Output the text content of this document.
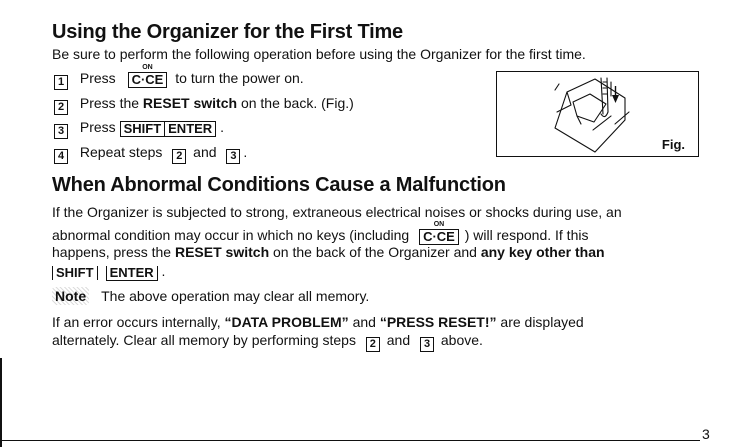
Using the Organizer for the First Time
Be sure to perform the following operation before using the Organizer for the first time.
1 Press
ON
C·CE to turn the power on.
2 Press the RESET switch on the back. (Fig.)
3 Press SHIFT ENTER .
4 Repeat steps 2 and 3 .	Fig.
When Abnormal Conditions Cause a Malfunction
If the Organizer is subjected to strong, extraneous electrical noises or shocks during use, an
abnormal condition may occur in which no keys (including
ON
C·CE ) will respond. If this
happens, press the RESET switch on the back of the Organizer and any key other than
SHIFT ENTER .
Note The above operation may clear all memory.
If an error occurs internally, “DATA PROBLEM” and “PRESS RESET!” are displayed
alternately. Clear all memory by performing steps 2 and 3 above.
3
